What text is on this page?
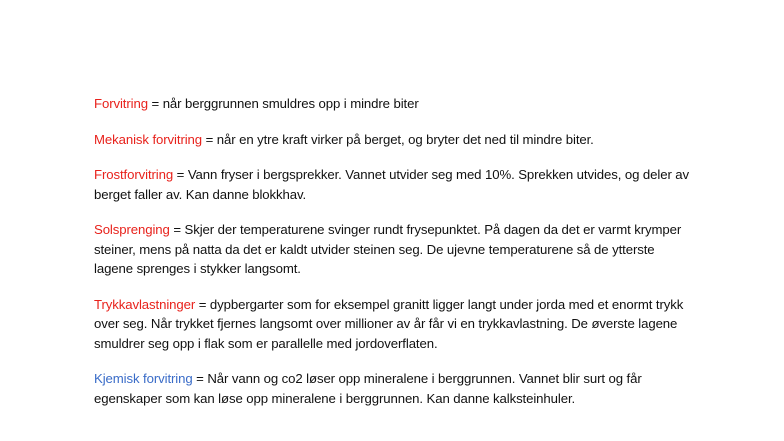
Forvitring = når berggrunnen smuldres opp i mindre biter

Mekanisk forvitring = når en ytre kraft virker på berget, og bryter det ned til mindre biter.

Frostforvitring = Vann fryser i bergsprekker. Vannet utvider seg med 10%. Sprekken utvides, og deler av berget faller av. Kan danne blokkhav.

Solsprenging = Skjer der temperaturene svinger rundt frysepunktet. På dagen da det er varmt krymper steiner, mens på natta da det er kaldt utvider steinen seg. De ujevne temperaturene så de ytterste lagene sprenges i stykker langsomt.

Trykkavlastninger = dypbergarter som for eksempel granitt ligger langt under jorda med et enormt trykk over seg. Når trykket fjernes langsomt over millioner av år får vi en trykkavlastning. De øverste lagene smuldrer seg opp i flak som er parallelle med jordoverflaten.

Kjemisk forvitring = Når vann og co2 løser opp mineralene i berggrunnen. Vannet blir surt og får egenskaper som kan løse opp mineralene i berggrunnen. Kan danne kalksteinhuler.
